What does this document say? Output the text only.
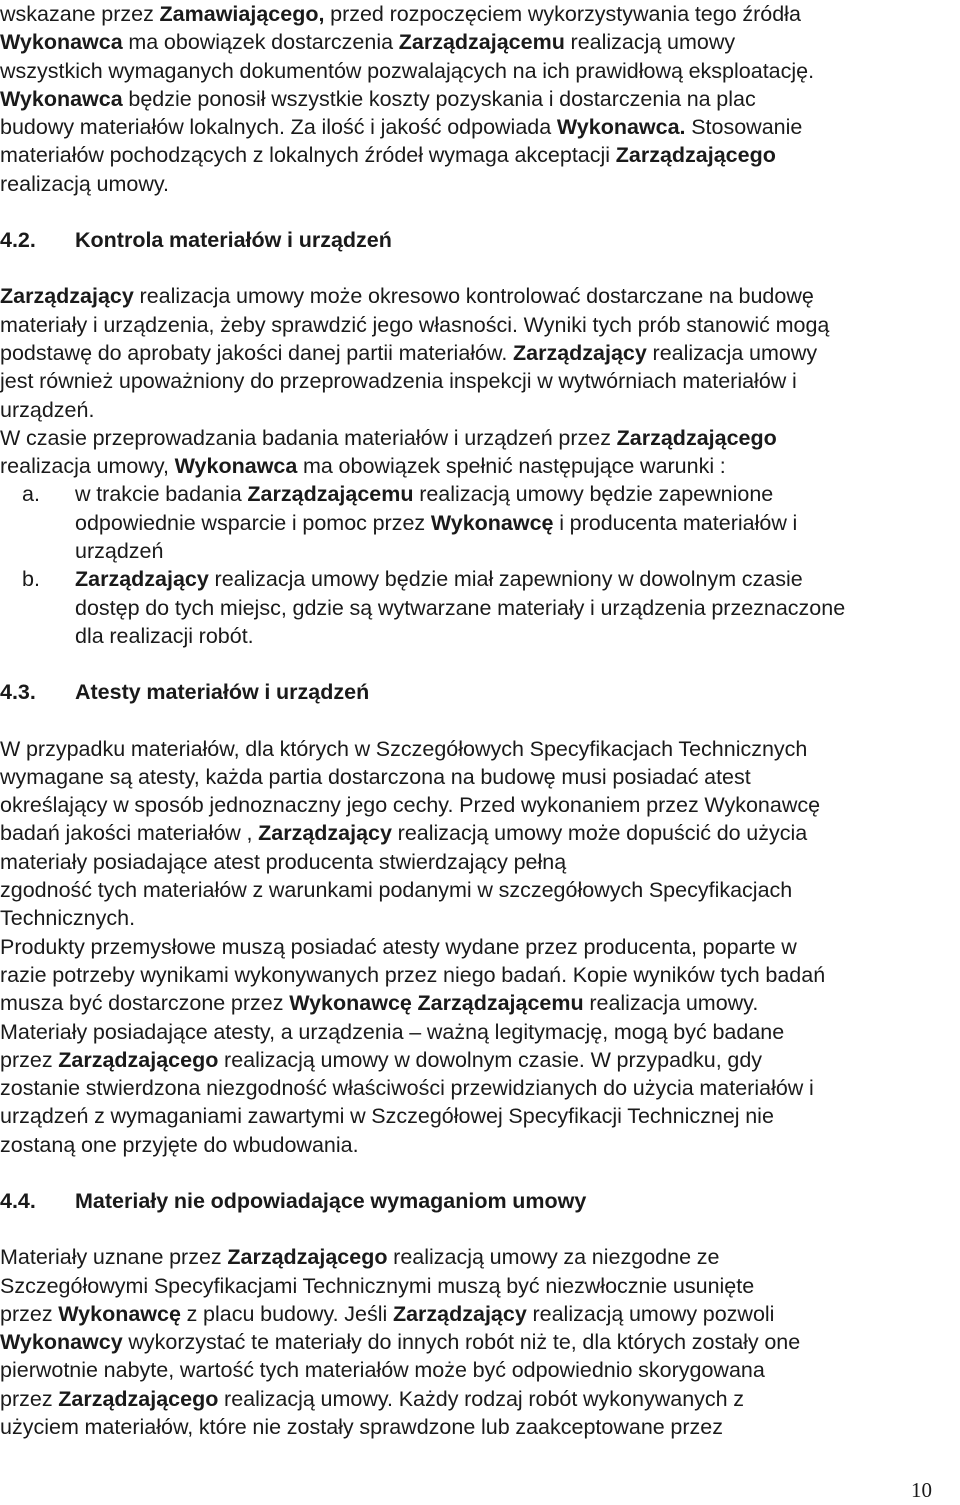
wskazane przez Zamawiającego, przed rozpoczęciem wykorzystywania tego źródła
Wykonawca ma obowiązek dostarczenia Zarządzającemu realizacją umowy
wszystkich wymaganych dokumentów pozwalających na ich prawidłową eksploatację.
Wykonawca będzie ponosił wszystkie koszty pozyskania i dostarczenia na plac
budowy materiałów lokalnych. Za ilość i jakość odpowiada Wykonawca. Stosowanie
materiałów pochodzących z lokalnych źródeł wymaga akceptacji Zarządzającego
realizacją umowy.
4.2. Kontrola materiałów i urządzeń
Zarządzający realizacja umowy może okresowo kontrolować dostarczane na budowę
materiały i urządzenia, żeby sprawdzić jego własności. Wyniki tych prób stanowić mogą
podstawę do aprobaty jakości danej partii materiałów. Zarządzający realizacja umowy
jest również upoważniony do przeprowadzenia inspekcji w wytwórniach materiałów i
urządzeń.
W czasie przeprowadzania badania materiałów i urządzeń przez Zarządzającego
realizacja umowy, Wykonawca ma obowiązek spełnić następujące warunki :
a. w trakcie badania Zarządzającemu realizacją umowy będzie zapewnione
odpowiednie wsparcie i pomoc przez Wykonawcę i producenta materiałów i
urządzeń
b. Zarządzający realizacja umowy będzie miał zapewniony w dowolnym czasie
dostęp do tych miejsc, gdzie są wytwarzane materiały i urządzenia przeznaczone
dla realizacji robót.
4.3. Atesty materiałów i urządzeń
W przypadku materiałów, dla których w Szczegółowych Specyfikacjach Technicznych
wymagane są atesty, każda partia dostarczona na budowę musi posiadać atest
określający w sposób jednoznaczny jego cechy. Przed wykonaniem przez Wykonawcę
badań jakości materiałów , Zarządzający realizacją umowy może dopuścić do użycia
materiały posiadające atest producenta stwierdzający pełną
zgodność tych materiałów z warunkami podanymi w szczegółowych Specyfikacjach
Technicznych.
Produkty przemysłowe muszą posiadać atesty wydane przez producenta, poparte w
razie potrzeby wynikami wykonywanych przez niego badań. Kopie wyników tych badań
musza być dostarczone przez Wykonawcę Zarządzającemu realizacja umowy.
Materiały posiadające atesty, a urządzenia – ważną legitymację, mogą być badane
przez Zarządzającego realizacją umowy w dowolnym czasie. W przypadku, gdy
zostanie stwierdzona niezgodność właściwości przewidzianych do użycia materiałów i
urządzeń z wymaganiami zawartymi w Szczegółowej Specyfikacji Technicznej nie
zostaną one przyjęte do wbudowania.
4.4. Materiały nie odpowiadające wymaganiom umowy
Materiały uznane przez Zarządzającego realizacją umowy za niezgodne ze
Szczegółowymi Specyfikacjami Technicznymi muszą być niezwłocznie usunięte
przez Wykonawcę z placu budowy. Jeśli Zarządzający realizacją umowy pozwoli
Wykonawcy wykorzystać te materiały do innych robót niż te, dla których zostały one
pierwotnie nabyte, wartość tych materiałów może być odpowiednio skorygowana
przez Zarządzającego realizacją umowy. Każdy rodzaj robót wykonywanych z
użyciem materiałów, które nie zostały sprawdzone lub zaakceptowane przez
10
